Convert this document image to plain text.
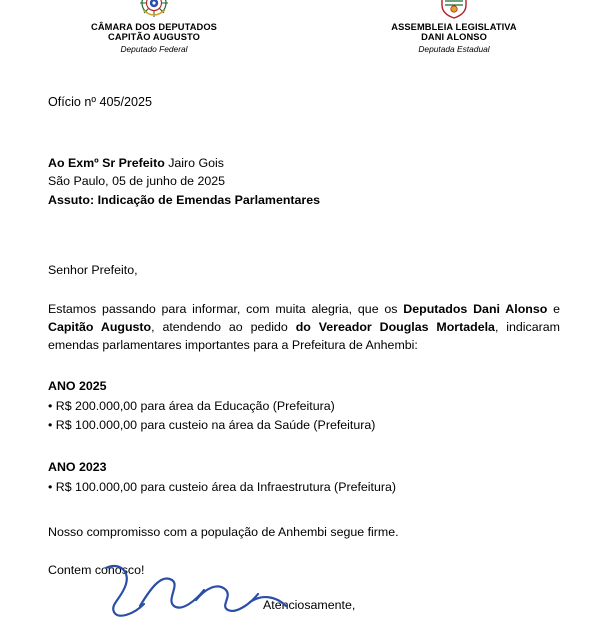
CÂMARA DOS DEPUTADOS
CAPITÃO AUGUSTO
Deputado Federal
ASSEMBLEIA LEGISLATIVA
DANI ALONSO
Deputada Estadual
Ofício nº 405/2025
Ao Exmº Sr Prefeito Jairo Gois
São Paulo, 05 de junho de 2025
Assuto: Indicação de Emendas Parlamentares
Senhor Prefeito,
Estamos passando para informar, com muita alegria, que os Deputados Dani Alonso e Capitão Augusto, atendendo ao pedido do Vereador Douglas Mortadela, indicaram emendas parlamentares importantes para a Prefeitura de Anhembi:
ANO 2025
• R$ 200.000,00 para área da Educação (Prefeitura)
• R$ 100.000,00 para custeio na área da Saúde (Prefeitura)
ANO 2023
• R$ 100.000,00 para custeio área da Infraestrutura (Prefeitura)
Nosso compromisso com a população de Anhembi segue firme.
Contem conosco!
Atenciosamente,
